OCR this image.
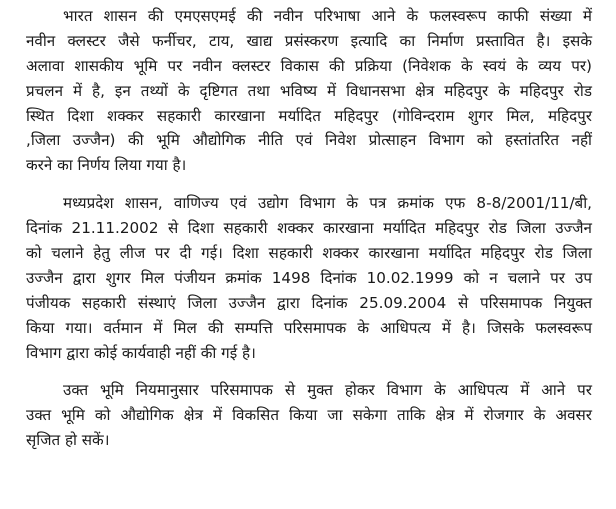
भारत शासन की एमएसएमई की नवीन परिभाषा आने के फलस्वरूप काफी संख्या में
नवीन क्लस्टर जैसे फर्नीचर, टाय, खाद्य प्रसंस्करण इत्यादि का निर्माण प्रस्तावित है। इसके
अलावा शासकीय भूमि पर नवीन क्लस्टर विकास की प्रक्रिया (निवेशक के स्वयं के व्यय पर)
प्रचलन में है, इन तथ्यों के दृष्टिगत तथा भविष्य में विधानसभा क्षेत्र महिदपुर के महिदपुर रोड
स्थित दिशा शक्कर सहकारी कारखाना मर्यादित महिदपुर (गोविन्दराम शुगर मिल, महिदपुर
,जिला उज्जैन) की भूमि औद्योगिक नीति एवं निवेश प्रोत्साहन विभाग को हस्तांतरित नहीं
करने का निर्णय लिया गया है।
मध्यप्रदेश शासन, वाणिज्य एवं उद्योग विभाग के पत्र क्रमांक एफ 8-8/2001/11/बी,
दिनांक 21.11.2002 से दिशा सहकारी शक्कर कारखाना मर्यादित महिदपुर रोड जिला उज्जैन
को चलाने हेतु लीज पर दी गई। दिशा सहकारी शक्कर कारखाना मर्यादित महिदपुर रोड जिला
उज्जैन द्वारा शुगर मिल पंजीयन क्रमांक 1498 दिनांक 10.02.1999 को न चलाने पर उप
पंजीयक सहकारी संस्थाएं जिला उज्जैन द्वारा दिनांक 25.09.2004 से परिसमापक नियुक्त
किया गया। वर्तमान में मिल की सम्पत्ति परिसमापक के आधिपत्य में है। जिसके फलस्वरूप
विभाग द्वारा कोई कार्यवाही नहीं की गई है।
उक्त भूमि नियमानुसार परिसमापक से मुक्त होकर विभाग के आधिपत्य में आने पर
उक्त भूमि को औद्योगिक क्षेत्र में विकसित किया जा सकेगा ताकि क्षेत्र में रोजगार के अवसर
सृजित हो सकें।
